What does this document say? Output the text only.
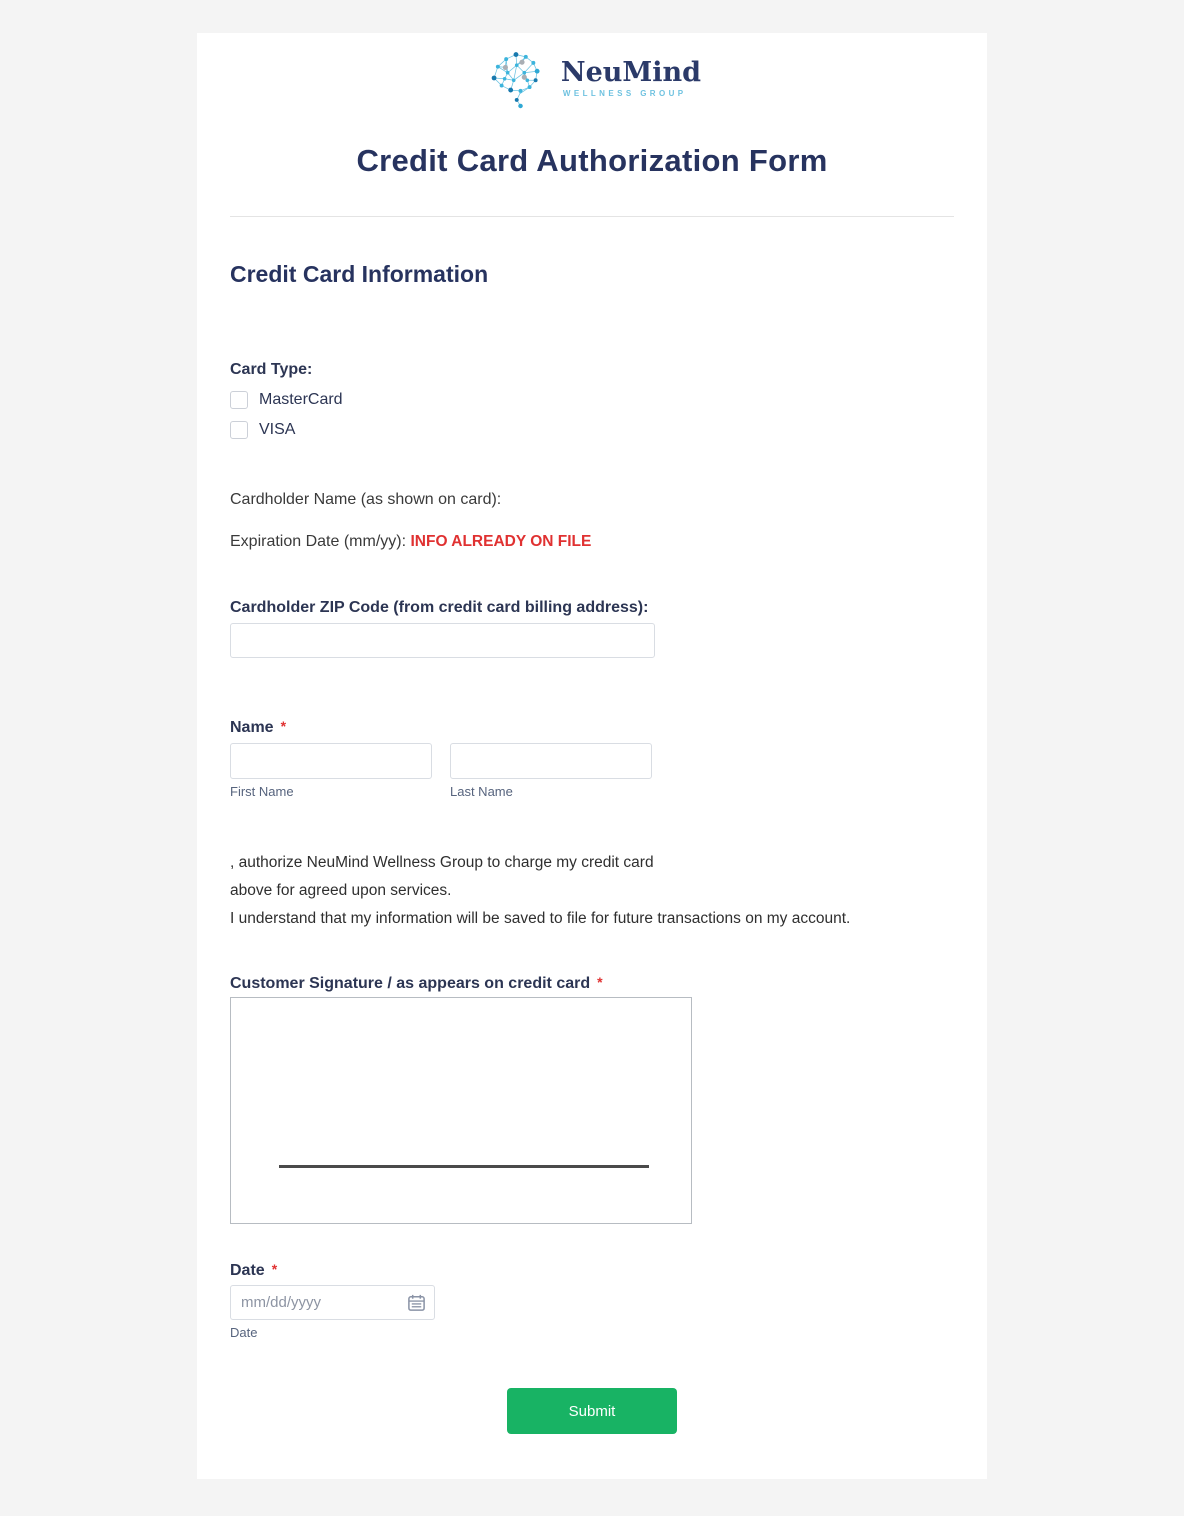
NeuMind
WELLNESS GROUP
Credit Card Authorization Form
Credit Card Information
Card Type:
MasterCard
VISA
Cardholder Name (as shown on card):
Expiration Date (mm/yy): INFO ALREADY ON FILE
Cardholder ZIP Code (from credit card billing address):
Name *
First Name	Last Name
, authorize NeuMind Wellness Group to charge my credit card
above for agreed upon services.
I understand that my information will be saved to file for future transactions on my account.
Customer Signature / as appears on credit card *
Date *
mm/dd/yyyy
Date
Submit
